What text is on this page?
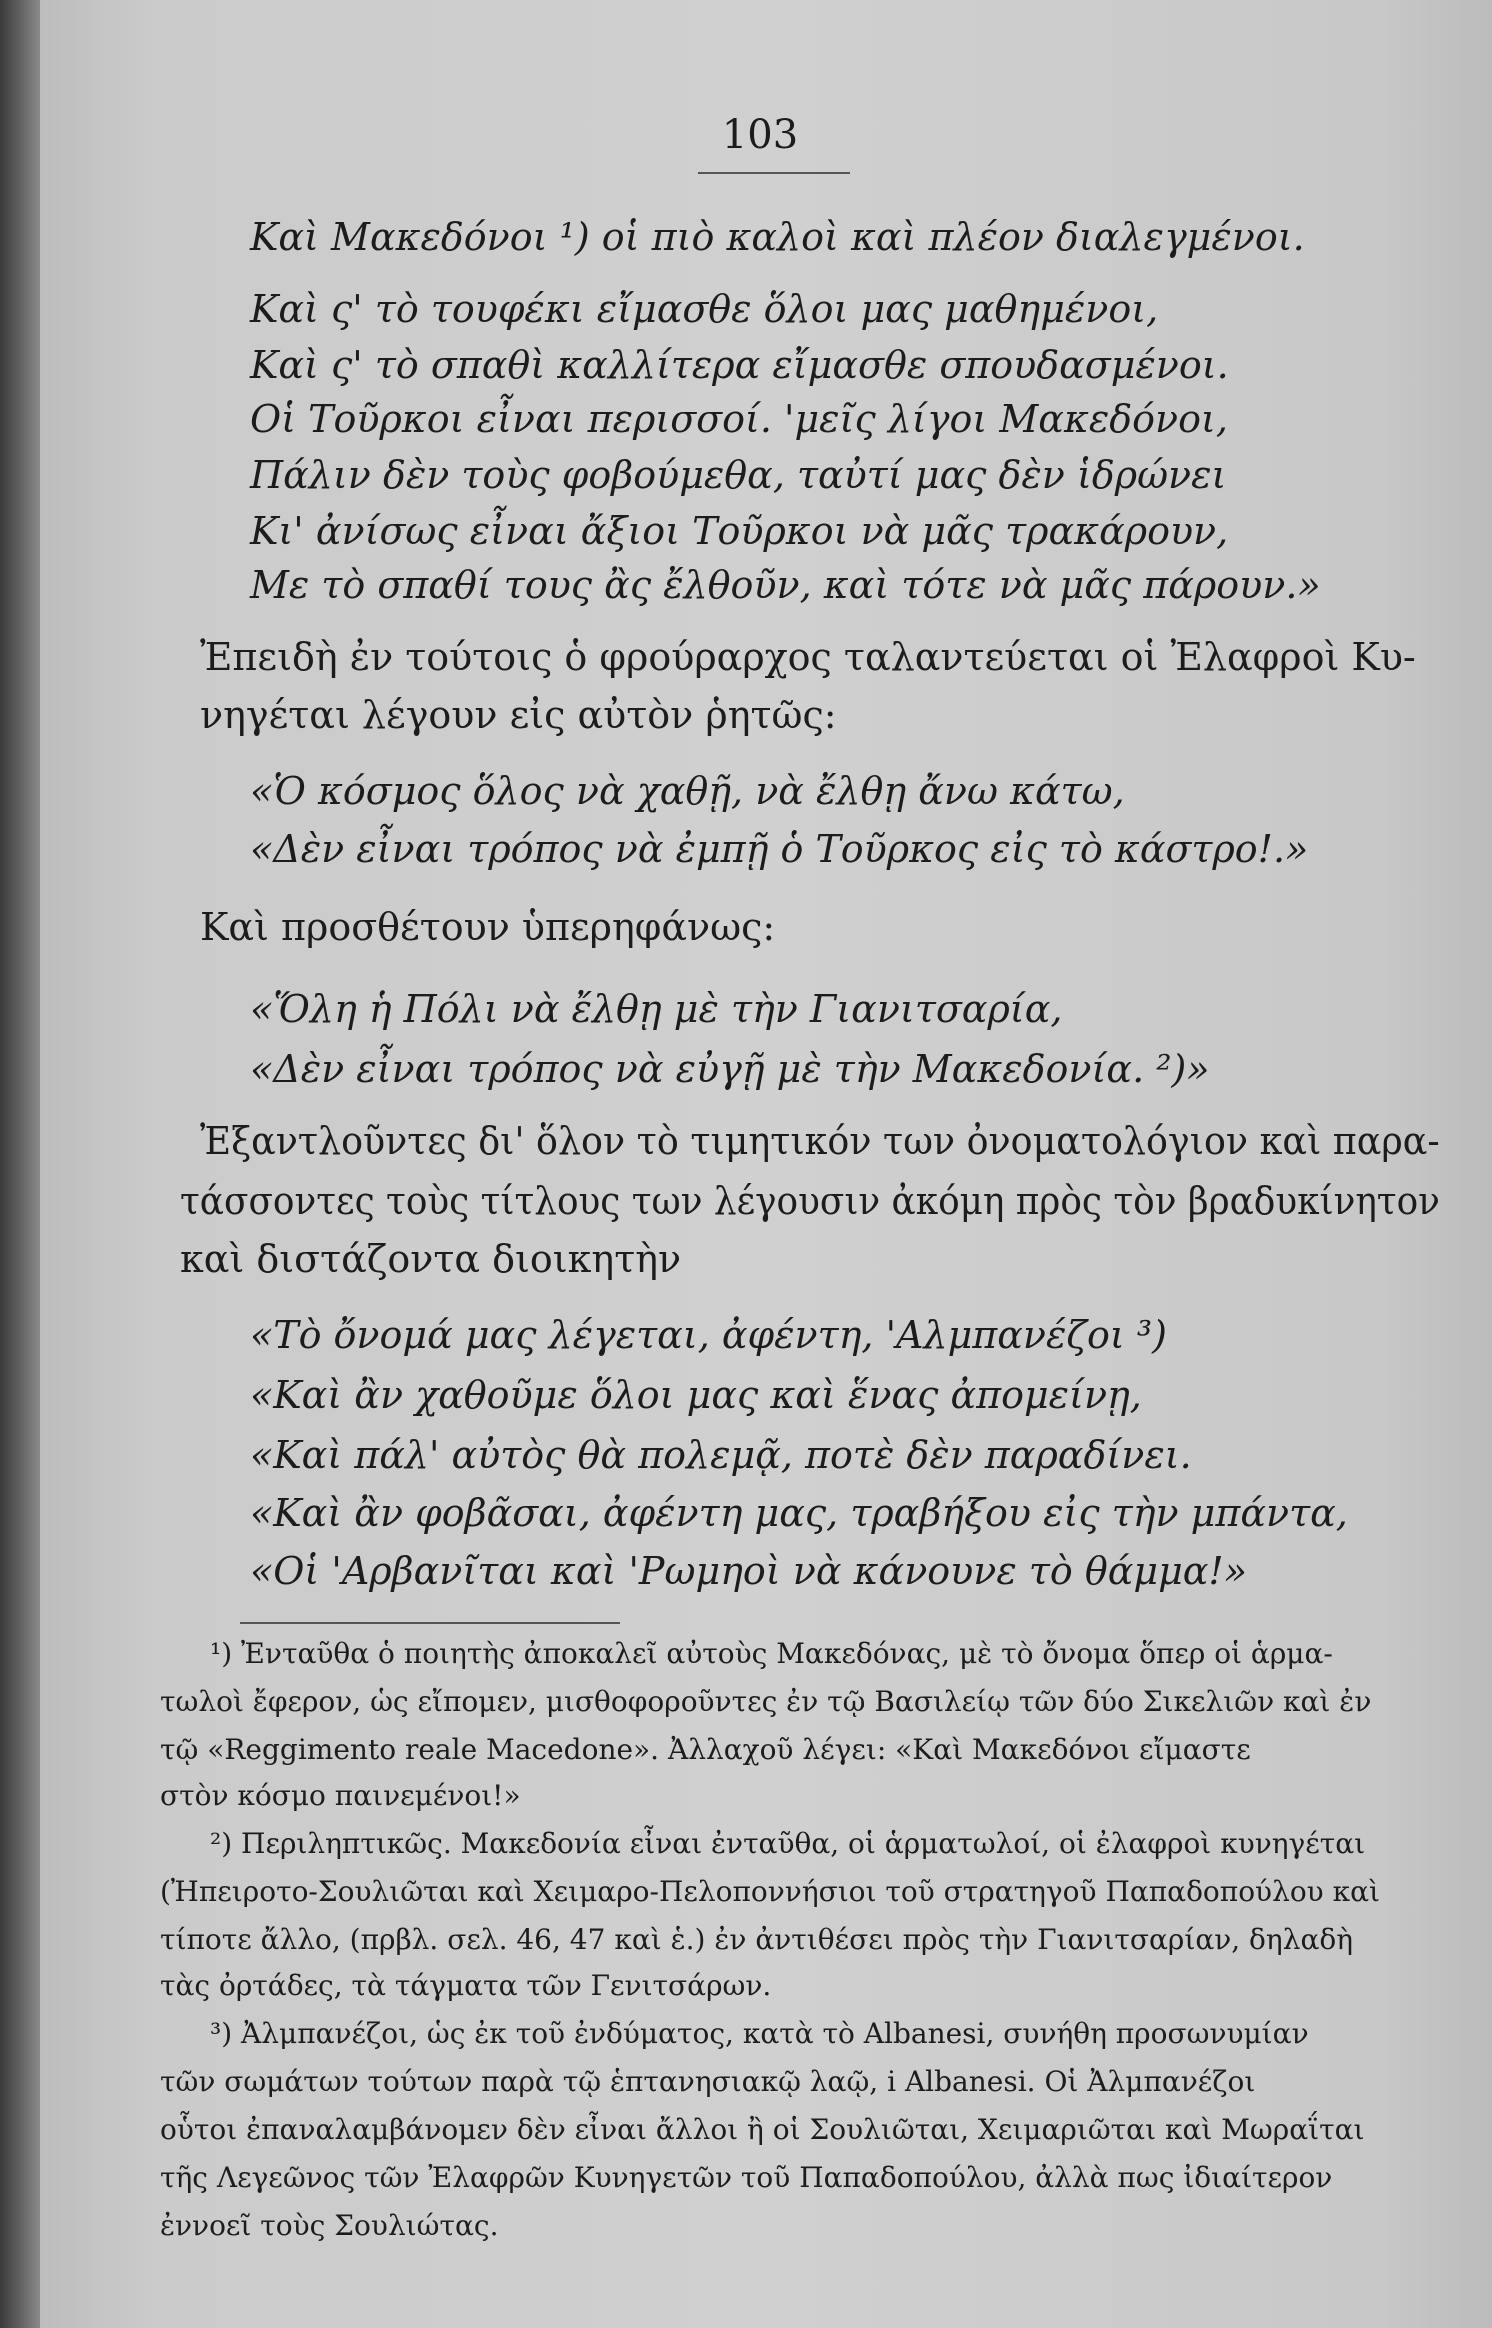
103
Καὶ Μακεδόνοι ¹) οἱ πιὸ καλοὶ καὶ πλέον διαλεγμένοι.
Καὶ ς' τὸ τουφέκι εἴμασθε ὅλοι μας μαθημένοι,
Καὶ ς' τὸ σπαθὶ καλλίτερα εἴμασθε σπουδασμένοι.
Οἱ Τοῦρκοι εἶναι περισσοί. 'μεῖς λίγοι Μακεδόνοι,
Πάλιν δὲν τοὺς φοβούμεθα, ταὐτί μας δὲν ἱδρώνει
Κι' ἀνίσως εἶναι ἄξιοι Τοῦρκοι νὰ μᾶς τρακάρουν,
Με τὸ σπαθί τους ἂς ἔλθοῦν, καὶ τότε νὰ μᾶς πάρουν.»
Ἐπειδὴ ἐν τούτοις ὁ φρούραρχος ταλαντεύεται οἱ Ἐλαφροὶ Κυ-
νηγέται λέγουν εἰς αὐτὸν ῥητῶς:
«Ὁ κόσμος ὅλος νὰ χαθῇ, νὰ ἔλθῃ ἄνω κάτω,
«Δὲν εἶναι τρόπος νὰ ἐμπῇ ὁ Τοῦρκος εἰς τὸ κάστρο!.»
Καὶ προσθέτουν ὑπερηφάνως:
«Ὅλη ἡ Πόλι νὰ ἔλθῃ μὲ τὴν Γιανιτσαρία,
«Δὲν εἶναι τρόπος νὰ εὐγῇ μὲ τὴν Μακεδονία. ²)»
Ἐξαντλοῦντες δι' ὅλον τὸ τιμητικόν των ὀνοματολόγιον καὶ παρα-
τάσσοντες τοὺς τίτλους των λέγουσιν ἀκόμη πρὸς τὸν βραδυκίνητον
καὶ διστάζοντα διοικητὴν
«Τὸ ὄνομά μας λέγεται, ἀφέντη, 'Αλμπανέζοι ³)
«Καὶ ἂν χαθοῦμε ὅλοι μας καὶ ἕνας ἀπομείνῃ,
«Καὶ πάλ' αὐτὸς θὰ πολεμᾷ, ποτὲ δὲν παραδίνει.
«Καὶ ἂν φοβᾶσαι, ἀφέντη μας, τραβήξου εἰς τὴν μπάντα,
«Οἱ 'Αρβανῖται καὶ 'Ρωμηοὶ νὰ κάνουνε τὸ θάμμα!»
¹) Ἐνταῦθα ὁ ποιητὴς ἀποκαλεῖ αὐτοὺς Μακεδόνας, μὲ τὸ ὄνομα ὅπερ οἱ ἁρμα-
τωλοὶ ἔφερον, ὡς εἴπομεν, μισθοφοροῦντες ἐν τῷ Βασιλείῳ τῶν δύο Σικελιῶν καὶ ἐν
τῷ «Reggimento reale Macedone». Ἀλλαχοῦ λέγει: «Καὶ Μακεδόνοι εἴμαστε
στὸν κόσμο παινεμένοι!»
²) Περιληπτικῶς. Μακεδονία εἶναι ἐνταῦθα, οἱ ἁρματωλοί, οἱ ἐλαφροὶ κυνηγέται
(Ἠπειρoτο-Σουλιῶται καὶ Χειμαρο-Πελοποννήσιοι τοῦ στρατηγοῦ Παπαδοπούλου καὶ
τίποτε ἄλλο, (πρβλ. σελ. 46, 47 καὶ ἑ.) ἐν ἀντιθέσει πρὸς τὴν Γιανιτσαρίαν, δηλαδὴ
τὰς ὀρτάδες, τὰ τάγματα τῶν Γενιτσάρων.
³) Ἀλμπανέζοι, ὡς ἐκ τοῦ ἐνδύματος, κατὰ τὸ Albanesi, συνήθη προσωνυμίαν
τῶν σωμάτων τούτων παρὰ τῷ ἑπτανησιακῷ λαῷ, i Albanesi. Οἱ Ἀλμπανέζοι
οὗτοι ἐπαναλαμβάνομεν δὲν εἶναι ἄλλοι ἢ οἱ Σουλιῶται, Χειμαριῶται καὶ Μωραΐται
τῆς Λεγεῶνος τῶν Ἐλαφρῶν Κυνηγετῶν τοῦ Παπαδοπούλου, ἀλλὰ πως ἰδιαίτερον
ἐννοεῖ τοὺς Σουλιώτας.
